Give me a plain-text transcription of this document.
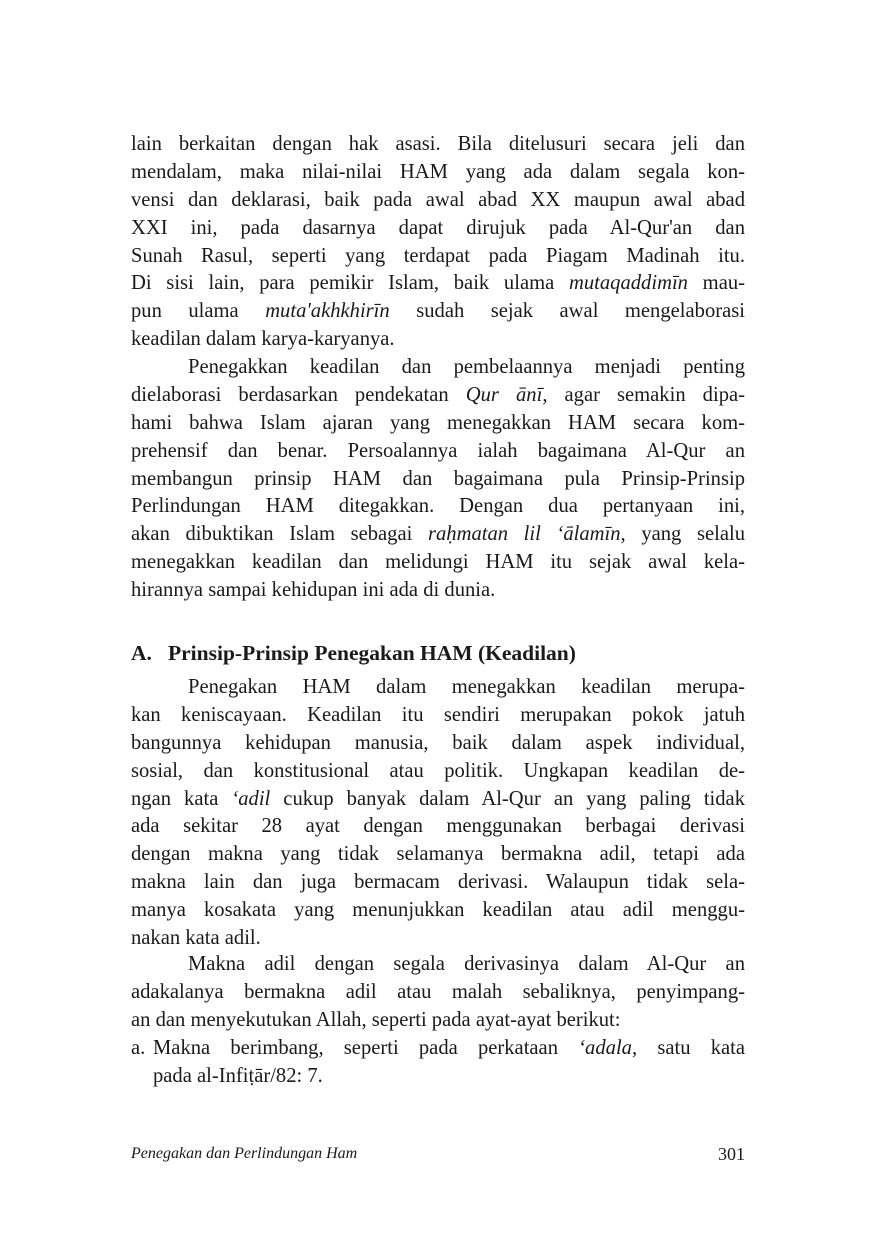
lain berkaitan dengan hak asasi. Bila ditelusuri secara jeli dan
mendalam, maka nilai-nilai HAM yang ada dalam segala kon-
vensi dan deklarasi, baik pada awal abad XX maupun awal abad
XXI ini, pada dasarnya dapat dirujuk pada Al-Qur'an dan
Sunah Rasul, seperti yang terdapat pada Piagam Madinah itu.
Di sisi lain, para pemikir Islam, baik ulama mutaqaddimīn mau-
pun ulama muta'akhkhirīn sudah sejak awal mengelaborasi
keadilan dalam karya-karyanya.
Penegakkan keadilan dan pembelaannya menjadi penting
dielaborasi berdasarkan pendekatan Qur ānī, agar semakin dipa-
hami bahwa Islam ajaran yang menegakkan HAM secara kom-
prehensif dan benar. Persoalannya ialah bagaimana Al-Qur an
membangun prinsip HAM dan bagaimana pula Prinsip-Prinsip
Perlindungan HAM ditegakkan. Dengan dua pertanyaan ini,
akan dibuktikan Islam sebagai raḥmatan lil ʻālamīn, yang selalu
menegakkan keadilan dan melidungi HAM itu sejak awal kela-
hirannya sampai kehidupan ini ada di dunia.
A. Prinsip-Prinsip Penegakan HAM (Keadilan)
Penegakan HAM dalam menegakkan keadilan merupa-
kan keniscayaan. Keadilan itu sendiri merupakan pokok jatuh
bangunnya kehidupan manusia, baik dalam aspek individual,
sosial, dan konstitusional atau politik. Ungkapan keadilan de-
ngan kata ʻadil cukup banyak dalam Al-Qur an yang paling tidak
ada sekitar 28 ayat dengan menggunakan berbagai derivasi
dengan makna yang tidak selamanya bermakna adil, tetapi ada
makna lain dan juga bermacam derivasi. Walaupun tidak sela-
manya kosakata yang menunjukkan keadilan atau adil menggu-
nakan kata adil.
Makna adil dengan segala derivasinya dalam Al-Qur an
adakalanya bermakna adil atau malah sebaliknya, penyimpang-
an dan menyekutukan Allah, seperti pada ayat-ayat berikut:
a. Makna berimbang, seperti pada perkataan ʻadala, satu kata
pada al-Infiṭār/82: 7.
Penegakan dan Perlindungan Ham	301
